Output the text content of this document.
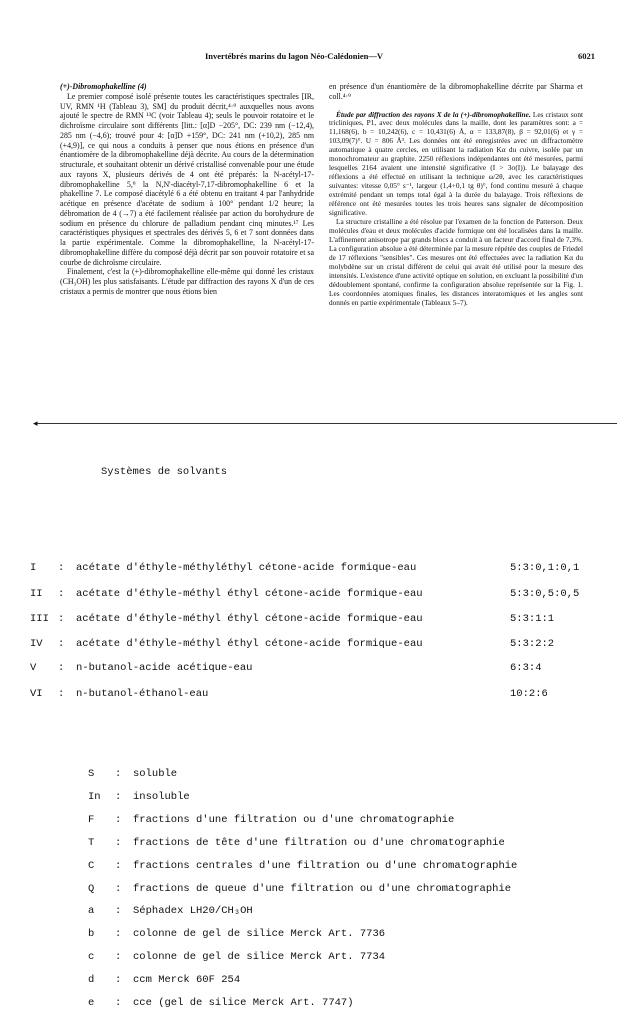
Invertébrés marins du lagon Néo-Calédonien—V	6021

(+)-Dibromophakelline (4)

Le premier composé isolé présente toutes les caractéristiques spectrales [IR, UV, RMN ¹H (Tableau 3), SM] du produit décrit,⁴·⁹ auxquelles nous avons ajouté le spectre de RMN ¹³C (voir Tableau 4); seuls le pouvoir rotatoire et le dichroïsme circulaire sont différents [litt.: [α]D −205°, DC: 239 nm (−12,4), 285 nm (−4,6); trouvé pour 4: [α]D +159°, DC: 241 nm (+10,2), 285 nm (+4,9)], ce qui nous a conduits à penser que nous étions en présence d'un énantiomère de la dibromophakelline déjà décrite. Au cours de la détermination structurale, et souhaitant obtenir un dérivé cristallisé convenable pour une étude aux rayons X, plusieurs dérivés de 4 ont été préparés: la N-acétyl-17-dibromophakelline 5,⁹ la N,N'-diacétyl-7,17-dibromophakelline 6 et la phakelline 7. Le composé diacétylé 6 a été obtenu en traitant 4 par l'anhydride acétique en présence d'acétate de sodium à 100° pendant 1/2 heure; la débromation de 4 (→7) a été facilement réalisée par action du borohydrure de sodium en présence du chlorure de palladium pendant cinq minutes.¹⁷ Les caractéristiques physiques et spectrales des dérivés 5, 6 et 7 sont données dans la partie expérimentale. Comme la dibromophakelline, la N-acétyl-17-dibromophakelline diffère du composé déjà décrit par son pouvoir rotatoire et sa courbe de dichroïsme circulaire.

Finalement, c'est la (+)-dibromophakelline elle-même qui donné les cristaux (CH₃OH) les plus satisfaisants. L'étude par diffraction des rayons X d'un de ces cristaux a permis de montrer que nous étions bien

en présence d'un énantiomère de la dibromophakelline décrite par Sharma et coll.⁴·⁹

Étude par diffraction des rayons X de la (+)-dibromophakelline. Les cristaux sont tricliniques, P1, avec deux molécules dans la maille, dont les paramètres sont: a = 11,168(6), b = 10,242(6), c = 10,431(6) Å, α = 133,87(8), β = 92,01(6) et γ = 103,09(7)°. U = 806 Å³. Les données ont été enregistrées avec un diffractomètre automatique à quatre cercles, en utilisant la radiation Kα du cuivre, isolée par un monochromateur au graphite. 2250 réflexions indépendantes ont été mesurées, parmi lesquelles 2164 avaient une intensité significative (I > 3σ(I)). Le balayage des réflexions a été effectué en utilisant la technique ω/2θ, avec les caractéristiques suivantes: vitesse 0,05° s⁻¹, largeur (1,4+0,1 tg θ)°, fond continu mesuré à chaque extrémité pendant un temps total égal à la durée du balayage. Trois réflexions de référence ont été mesurées toutes les trois heures sans signaler de décomposition significative.

La structure cristalline a été résolue par l'examen de la fonction de Patterson. Deux molécules d'eau et deux molécules d'acide formique ont été localisées dans la maille. L'affinement anisotrope par grands blocs a conduit à un facteur d'accord final de 7,3%. La configuration absolue a été déterminée par la mesure répétée des couples de Friedel de 17 réflexions "sensibles". Ces mesures ont été effectuées avec la radiation Kα du molybdène sur un cristal différent de celui qui avait été utilisé pour la mesure des intensités. L'existence d'une activité optique en solution, en excluant la possibilité d'un dédoublement spontané, confirme la configuration absolue représentée sur la Fig. 1. Les coordonnées atomiques finales, les distances interatomiques et les angles sont donnés en partie expérimentale (Tableaux 5–7).

◂
Systèmes de solvants
I : acétate d'éthyle-méthyléthyl cétone-acide formique-eau	5:3:0,1:0,1
II : acétate d'éthyle-méthyl éthyl cétone-acide formique-eau	5:3:0,5:0,5
III : acétate d'éthyle-méthyl éthyl cétone-acide formique-eau	5:3:1:1
IV : acétate d'éthyle-méthyl éthyl cétone-acide formique-eau	5:3:2:2
V : n-butanol-acide acétique-eau	6:3:4
VI : n-butanol-éthanol-eau	10:2:6
S : soluble
In : insoluble
F : fractions d'une filtration ou d'une chromatographie
T : fractions de tête d'une filtration ou d'une chromatographie
C : fractions centrales d'une filtration ou d'une chromatographie
Q : fractions de queue d'une filtration ou d'une chromatographie
a : Séphadex LH20/CH₃OH
b : colonne de gel de silice Merck Art. 7736
c : colonne de gel de silice Merck Art. 7734
d : ccm Merck 60F 254
e : cce (gel de silice Merck Art. 7747)
